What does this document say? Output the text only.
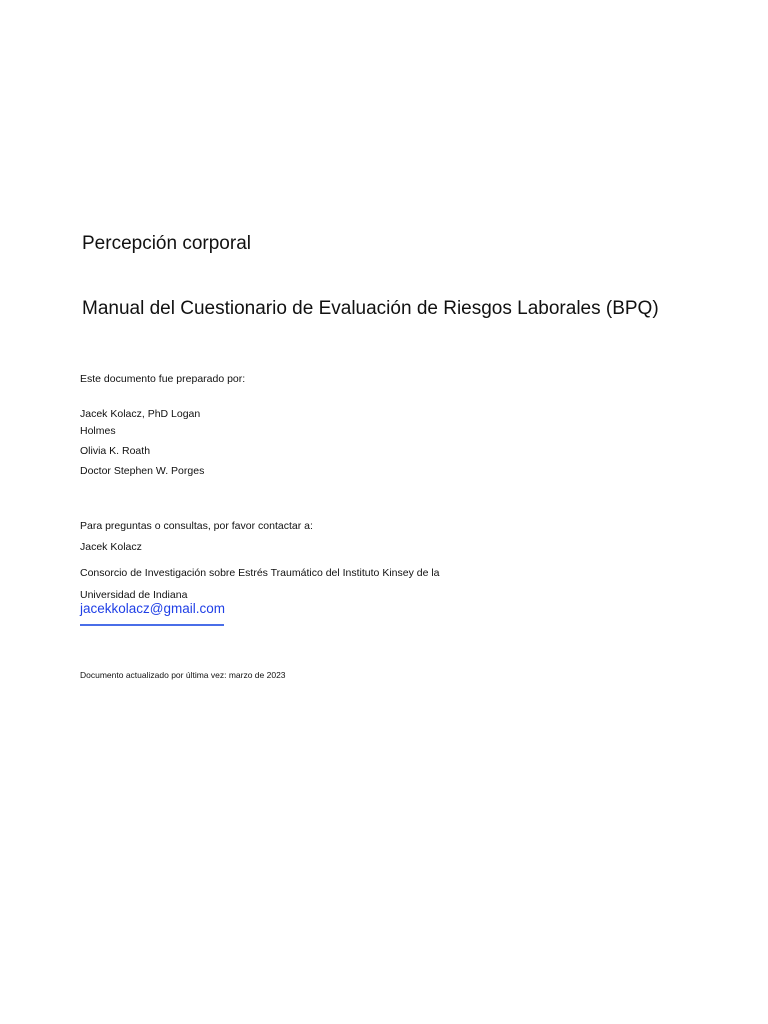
Percepción corporal
Manual del Cuestionario de Evaluación de Riesgos Laborales (BPQ)
Este documento fue preparado por:
Jacek Kolacz, PhD Logan
Holmes
Olivia K. Roath
Doctor Stephen W. Porges
Para preguntas o consultas, por favor contactar a:
Jacek Kolacz
Consorcio de Investigación sobre Estrés Traumático del Instituto Kinsey de la
Universidad de Indiana
jacekkolacz@gmail.com
Documento actualizado por última vez: marzo de 2023
